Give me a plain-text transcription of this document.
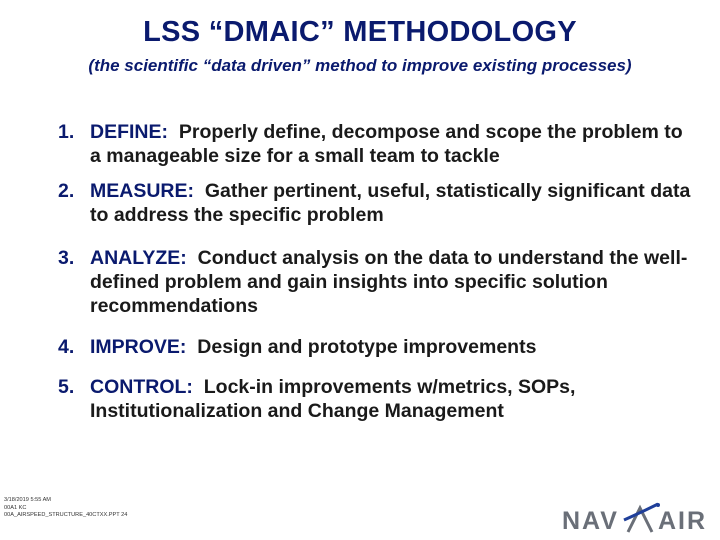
LSS “DMAIC” METHODOLOGY
(the scientific “data driven” method to improve existing processes)
1. DEFINE: Properly define, decompose and scope the problem to a manageable size for a small team to tackle
2. MEASURE: Gather pertinent, useful, statistically significant data to address the specific problem
3. ANALYZE: Conduct analysis on the data to understand the well-defined problem and gain insights into specific solution recommendations
4. IMPROVE: Design and prototype improvements
5. CONTROL: Lock-in improvements w/metrics, SOPs, Institutionalization and Change Management
3/18/2019 5:55 AM
00A1 KC
00A_AIRSPEED_STRUCTURE_40CTXX.PPT 24	NAV AIR
